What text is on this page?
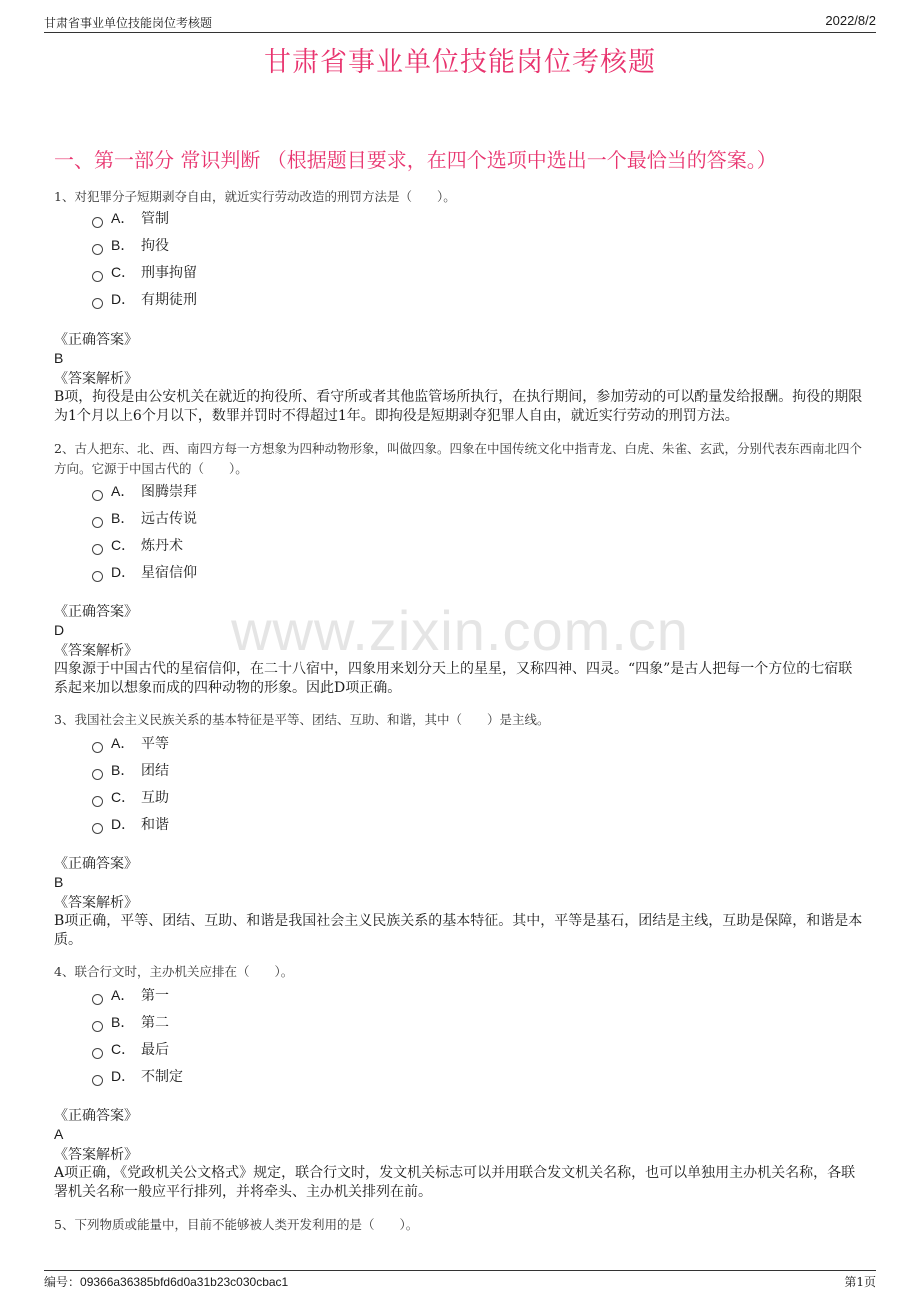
甘肃省事业单位技能岗位考核题	2022/8/2
甘肃省事业单位技能岗位考核题
一、第一部分 常识判断 （根据题目要求，在四个选项中选出一个最恰当的答案。）
www.zixin.com.cn
1、对犯罪分子短期剥夺自由，就近实行劳动改造的刑罚方法是（　　）。
A． 管制
B． 拘役
C． 刑事拘留
D． 有期徒刑
《正确答案》
B
《答案解析》
B项，拘役是由公安机关在就近的拘役所、看守所或者其他监管场所执行，在执行期间，参加劳动的可以酌量发给报酬。拘役的期限为1个月以上6个月以下，数罪并罚时不得超过1年。即拘役是短期剥夺犯罪人自由，就近实行劳动的刑罚方法。
2、古人把东、北、西、南四方每一方想象为四种动物形象，叫做四象。四象在中国传统文化中指青龙、白虎、朱雀、玄武，分别代表东西南北四个方向。它源于中国古代的（　　）。
A． 图腾崇拜
B． 远古传说
C． 炼丹术
D． 星宿信仰
《正确答案》
D
《答案解析》
四象源于中国古代的星宿信仰，在二十八宿中，四象用来划分天上的星星，又称四神、四灵。“四象”是古人把每一个方位的七宿联系起来加以想象而成的四种动物的形象。因此D项正确。
3、我国社会主义民族关系的基本特征是平等、团结、互助、和谐，其中（　　）是主线。
A． 平等
B． 团结
C． 互助
D． 和谐
《正确答案》
B
《答案解析》
B项正确，平等、团结、互助、和谐是我国社会主义民族关系的基本特征。其中，平等是基石，团结是主线，互助是保障，和谐是本质。
4、联合行文时，主办机关应排在（　　）。
A． 第一
B． 第二
C． 最后
D． 不制定
《正确答案》
A
《答案解析》
A项正确，《党政机关公文格式》规定，联合行文时，发文机关标志可以并用联合发文机关名称，也可以单独用主办机关名称，各联署机关名称一般应平行排列，并将牵头、主办机关排列在前。
5、下列物质或能量中，目前不能够被人类开发利用的是（　　）。
编号：09366a36385bfd6d0a31b23c030cbac1	第1页
